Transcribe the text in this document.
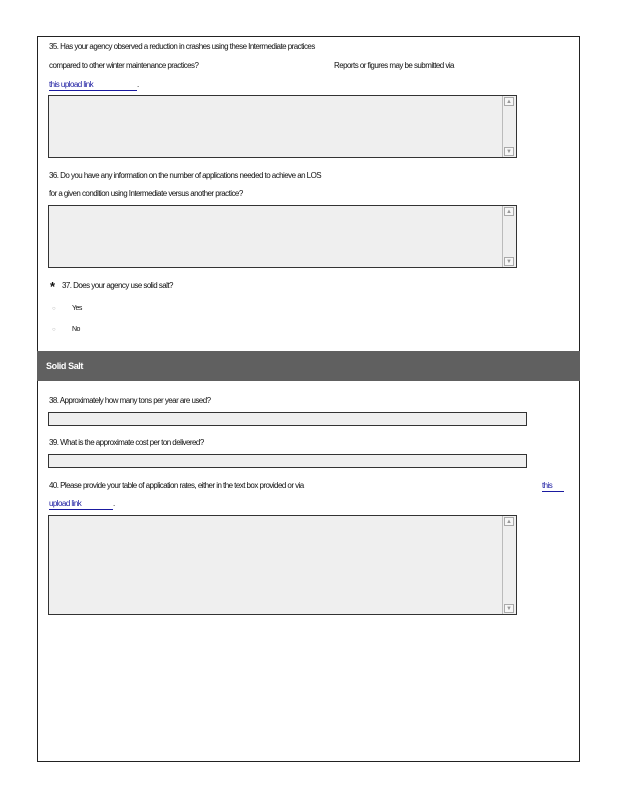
35. Has your agency observed a reduction in crashes using these Intermediate practices
compared to other winter maintenance practices?	Reports or figures may be submitted via
this upload link	.
▲
▼
36. Do you have any information on the number of applications needed to achieve an LOS
for a given condition using Intermediate versus another practice?
▲
▼
* 37. Does your agency use solid salt?
○ Yes
○ No
Solid Salt
38. Approximately how many tons per year are used?
39. What is the approximate cost per ton delivered?
40. Please provide your table of application rates, either in the text box provided or via	this
upload link	.
▲
▼
